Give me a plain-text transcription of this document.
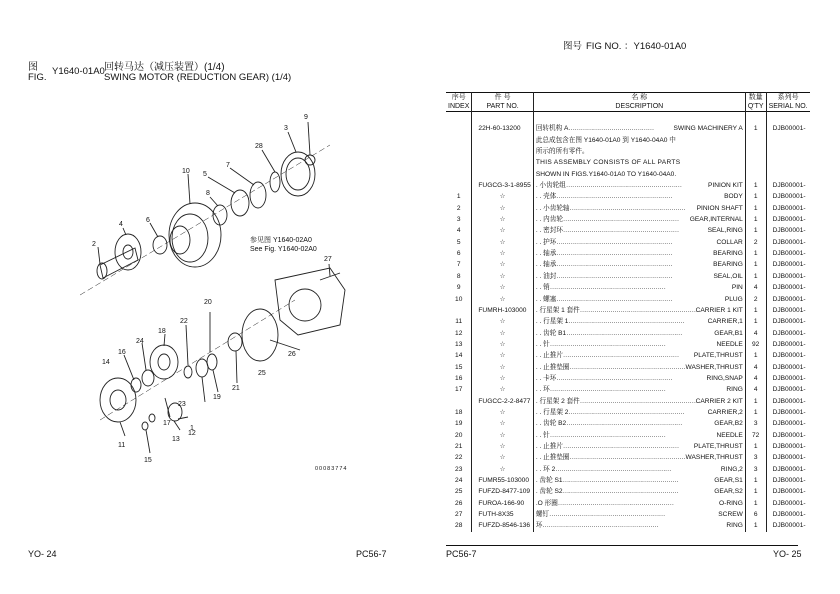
图
FIG.
Y1640-01A0 回转马达（减压装置）(1/4)
SWING MOTOR (REDUCTION GEAR) (1/4)
9
3
28
7
5
8
10
6
4
2
27
20
22
18
24
16
14
17
19
21
25
26
1
15
13
12
11
23
参见图 Y1640-02A0
See Fig. Y1640-02A0
00083774
YO- 24	PC56-7
图号 FIG NO. ：Y1640-01A0
序号	件 号	名 称	数量	系列号
INDEX	PART NO.	DESCRIPTION	Q'TY	SERIAL NO.

	22H-60-13200	回转机构 A …………………………………… SWING MACHINERY A	1	DJB00001-
		此总成包含在图 Y1640-01A0 到 Y1640-04A0 中		
		所示的所有零件。		
		THIS ASSEMBLY CONSISTS OF ALL PARTS		
		SHOWN IN FIGS.Y1640-01A0 TO Y1640-04A0.		
	FUGCG-3-1-8955	. 小齿轮组 ………………………………………………… PINION KIT	1	DJB00001-
1	☆	. . 壳体 ………………………………………………… BODY	1	DJB00001-
2	☆	. . 小齿轮轴 ………………………………………………… PINION SHAFT	1	DJB00001-
3	☆	. . 内齿轮 ………………………………………………… GEAR,INTERNAL	1	DJB00001-
4	☆	. . 密封环 ………………………………………………… SEAL,RING	1	DJB00001-
5	☆	. . 护环 ………………………………………………… COLLAR	2	DJB00001-
6	☆	. . 轴承 ………………………………………………… BEARING	1	DJB00001-
7	☆	. . 轴承 ………………………………………………… BEARING	1	DJB00001-
8	☆	. . 油封 ………………………………………………… SEAL,OIL	1	DJB00001-
9	☆	. . 销 ………………………………………………… PIN	4	DJB00001-
10	☆	. . 螺塞 ………………………………………………… PLUG	2	DJB00001-
	FUMRH-103000	. 行星架 1 套件 ………………………………………………… CARRIER 1 KIT	1	DJB00001-
11	☆	. . 行星架 1 ………………………………………………… CARRIER,1	1	DJB00001-
12	☆	. . 齿轮 B1 ………………………………………………… GEAR,B1	4	DJB00001-
13	☆	. . 针 ………………………………………………… NEEDLE	92	DJB00001-
14	☆	. . 止推片 ………………………………………………… PLATE,THRUST	1	DJB00001-
15	☆	. . 止推垫圈 ………………………………………………… WASHER,THRUST	4	DJB00001-
16	☆	. . 卡环 ………………………………………………… RING,SNAP	4	DJB00001-
17	☆	. . 环 ………………………………………………… RING	4	DJB00001-
	FUGCC-2-2-8477	. 行星架 2 套件 ………………………………………………… CARRIER 2 KIT	1	DJB00001-
18	☆	. . 行星架 2 ………………………………………………… CARRIER,2	1	DJB00001-
19	☆	. . 齿轮 B2 ………………………………………………… GEAR,B2	3	DJB00001-
20	☆	. . 针 ………………………………………………… NEEDLE	72	DJB00001-
21	☆	. . 止推片 ………………………………………………… PLATE,THRUST	1	DJB00001-
22	☆	. . 止推垫圈 ………………………………………………… WASHER,THRUST	3	DJB00001-
23	☆	. . 环 2 ………………………………………………… RING,2	3	DJB00001-
24	FUMR55-103000	. 齿轮 S1 ………………………………………………… GEAR,S1	1	DJB00001-
25	FUFZD-8477-109	. 齿轮 S2 ………………………………………………… GEAR,S2	1	DJB00001-
26	FUROA-166-90	.O 形圈 ………………………………………………… O-RING	1	DJB00001-
27	FUTH-8X35	螺钉 ………………………………………………… SCREW	6	DJB00001-
28	FUFZD-8546-136	环 ………………………………………………… RING	1	DJB00001-
PC56-7	YO- 25
